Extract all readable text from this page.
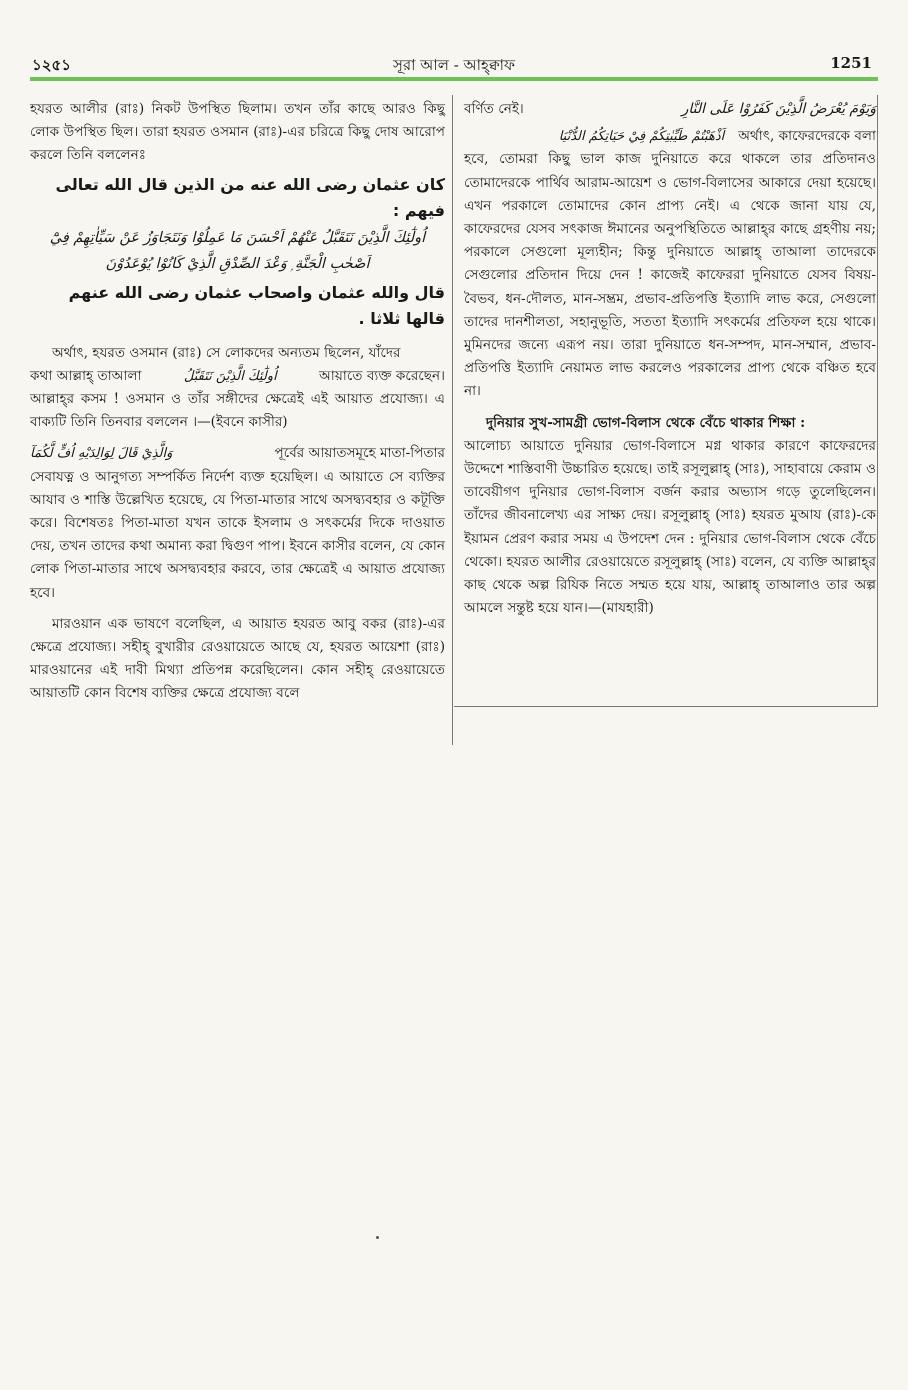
১২৫১	সূরা আল - আহ্‌ক্বাফ	1251

হযরত আলীর (রাঃ) নিকট উপস্থিত ছিলাম। তখন তাঁর কাছে আরও কিছু লোক উপস্থিত ছিল। তারা হযরত ওসমান (রাঃ)-এর চরিত্রে কিছু দোষ আরোপ করলে তিনি বললেনঃ

كان عثمان رضى الله عنه من الذين قال الله تعالى فيهم :

اُولٰٓئِكَ الَّذِيْنَ نَتَقَبَّلُ عَنْهُمْ اَحْسَنَ مَا عَمِلُوْا وَنَتَجَاوَزُ عَنْ سَيِّاٰتِهِمْ فِيْٓ

اَصْحٰبِ الْجَنَّةِ ۭ وَعْدَ الصِّدْقِ الَّذِيْ كَانُوْا يُوْعَدُوْنَ

قال والله عثمان واصحاب عثمان رضى الله عنهم قالها ثلاثا .

অর্থাৎ, হযরত ওসমান (রাঃ) সে লোকদের অন্যতম ছিলেন, যাঁদের

কথা আল্লাহ্ তাআলা	اُولٰٓئِكَ الَّذِيْنَ نَتَقَبَّلُ	আয়াতে ব্যক্ত করেছেন।

আল্লাহ্‌র কসম ! ওসমান ও তাঁর সঙ্গীদের ক্ষেত্রেই এই আয়াত প্রযোজ্য। এ বাক্যটি তিনি তিনবার বললেন ।—(ইবনে কাসীর)

وَالَّذِيْ قَالَ لِوَالِدَيْهِ اُفٍّ لَّكُمَآ	পূর্বের আয়াতসমূহে মাতা-পিতার

সেবাযত্ন ও আনুগত্য সম্পর্কিত নির্দেশ ব্যক্ত হয়েছিল। এ আয়াতে সে ব্যক্তির আযাব ও শাস্তি উল্লেখিত হয়েছে, যে পিতা-মাতার সাথে অসদ্ব্যবহার ও কটূক্তি করে। বিশেষতঃ পিতা-মাতা যখন তাকে ইসলাম ও সৎকর্মের দিকে দাওয়াত দেয়, তখন তাদের কথা অমান্য করা দ্বিগুণ পাপ। ইবনে কাসীর বলেন, যে কোন লোক পিতা-মাতার সাথে অসদ্ব্যবহার করবে, তার ক্ষেত্রেই এ আয়াত প্রযোজ্য হবে।

মারওয়ান এক ভাষণে বলেছিল, এ আয়াত হযরত আবু বকর (রাঃ)-এর ক্ষেত্রে প্রযোজ্য। সহীহ্ বুখারীর রেওয়ায়েতে আছে যে, হযরত আয়েশা (রাঃ) মারওয়ানের এই দাবী মিথ্যা প্রতিপন্ন করেছিলেন। কোন সহীহ্ রেওয়ায়েতে আয়াতটি কোন বিশেষ ব্যক্তির ক্ষেত্রে প্রযোজ্য বলে

বর্ণিত নেই।	وَيَوْمَ يُعْرَضُ الَّذِيْنَ كَفَرُوْا عَلَى النَّارِ
اَذْهَبْتُمْ طَيِّبٰتِكُمْ فِيْ حَيَاتِكُمُ الدُّنْيَا অর্থাৎ, কাফেরদেরকে বলা

হবে, তোমরা কিছু ভাল কাজ দুনিয়াতে করে থাকলে তার প্রতিদানও তোমাদেরকে পার্থিব আরাম-আয়েশ ও ভোগ-বিলাসের আকারে দেয়া হয়েছে। এখন পরকালে তোমাদের কোন প্রাপ্য নেই। এ থেকে জানা যায় যে, কাফেরদের যেসব সৎকাজ ঈমানের অনুপস্থিতিতে আল্লাহ্‌র কাছে গ্রহণীয় নয়; পরকালে সেগুলো মূল্যহীন; কিন্তু দুনিয়াতে আল্লাহ্ তাআলা তাদেরকে সেগুলোর প্রতিদান দিয়ে দেন ! কাজেই কাফেররা দুনিয়াতে যেসব বিষয়-বৈভব, ধন-দৌলত, মান-সম্ভ্রম, প্রভাব-প্রতিপত্তি ইত্যাদি লাভ করে, সেগুলো তাদের দানশীলতা, সহানুভূতি, সততা ইত্যাদি সৎকর্মের প্রতিফল হয়ে থাকে। মুমিনদের জন্যে এরূপ নয়। তারা দুনিয়াতে ধন-সম্পদ, মান-সম্মান, প্রভাব-প্রতিপত্তি ইত্যাদি নেয়ামত লাভ করলেও পরকালের প্রাপ্য থেকে বঞ্চিত হবে না।

দুনিয়ার সুখ-সামগ্রী ভোগ-বিলাস থেকে বেঁচে থাকার শিক্ষা :

আলোচ্য আয়াতে দুনিয়ার ভোগ-বিলাসে মগ্ন থাকার কারণে কাফেরদের উদ্দেশে শাস্তিবাণী উচ্চারিত হয়েছে। তাই রসূলুল্লাহ্ (সাঃ), সাহাবায়ে কেরাম ও তাবেয়ীগণ দুনিয়ার ভোগ-বিলাস বর্জন করার অভ্যাস গড়ে তুলেছিলেন। তাঁদের জীবনালেখ্য এর সাক্ষ্য দেয়। রসূলুল্লাহ্ (সাঃ) হযরত মুআয (রাঃ)-কে ইয়ামন প্রেরণ করার সময় এ উপদেশ দেন : দুনিয়ার ভোগ-বিলাস থেকে বেঁচে থেকো। হযরত আলীর রেওয়ায়েতে রসূলুল্লাহ্ (সাঃ) বলেন, যে ব্যক্তি আল্লাহ্‌র কাছ থেকে অল্প রিযিক নিতে সম্মত হয়ে যায়, আল্লাহ্ তাআলাও তার অল্প আমলে সন্তুষ্ট হয়ে যান।—(মাযহারী)
